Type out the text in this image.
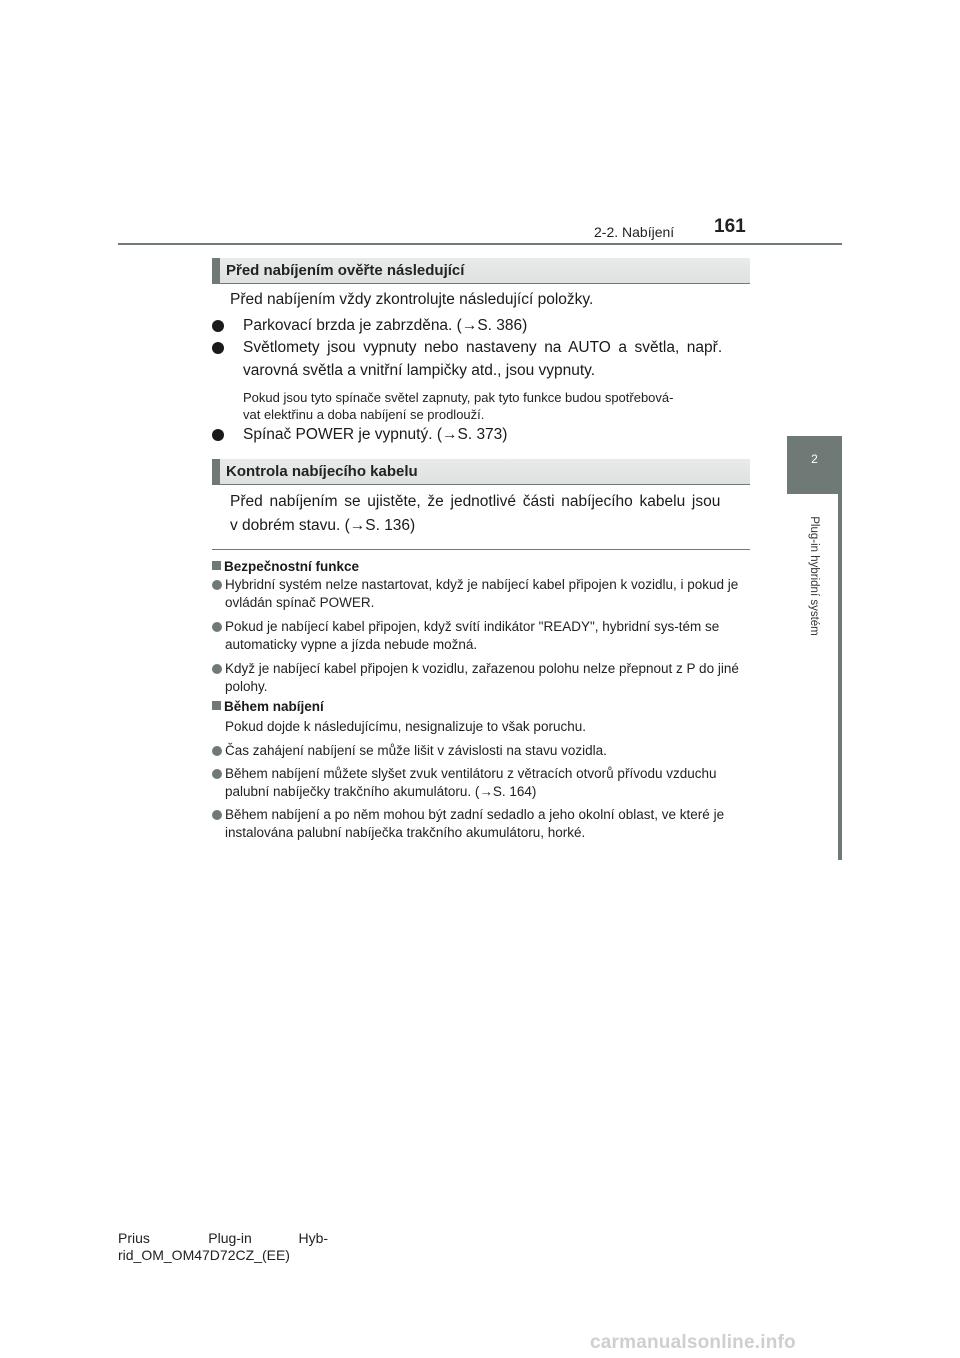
2-2. Nabíjení 161
2
Plug-in hybridní systém
Před nabíjením ověřte následující
Před nabíjením vždy zkontrolujte následující položky.
Parkovací brzda je zabrzděna. (→S. 386)
Světlomety jsou vypnuty nebo nastaveny na AUTO a světla, např.
varovná světla a vnitřní lampičky atd., jsou vypnuty.
Pokud jsou tyto spínače světel zapnuty, pak tyto funkce budou spotřebová-
vat elektřinu a doba nabíjení se prodlouží.
Spínač POWER je vypnutý. (→S. 373)
Kontrola nabíjecího kabelu
Před nabíjením se ujistěte, že jednotlivé části nabíjecího kabelu jsou
v dobrém stavu. (→S. 136)
Bezpečnostní funkce
Hybridní systém nelze nastartovat, když je nabíjecí kabel připojen k vozidlu, i pokud je ovládán spínač POWER.
Pokud je nabíjecí kabel připojen, když svítí indikátor "READY", hybridní sys-tém se automaticky vypne a jízda nebude možná.
Když je nabíjecí kabel připojen k vozidlu, zařazenou polohu nelze přepnout z P do jiné polohy.
Během nabíjení
Pokud dojde k následujícímu, nesignalizuje to však poruchu.
Čas zahájení nabíjení se může lišit v závislosti na stavu vozidla.
Během nabíjení můžete slyšet zvuk ventilátoru z větracích otvorů přívodu vzduchu palubní nabíječky trakčního akumulátoru. (→S. 164)
Během nabíjení a po něm mohou být zadní sedadlo a jeho okolní oblast, ve které je instalována palubní nabíječka trakčního akumulátoru, horké.
Prius               Plug-in            Hyb-
rid_OM_OM47D72CZ_(EE)
carmanualsonline.info
